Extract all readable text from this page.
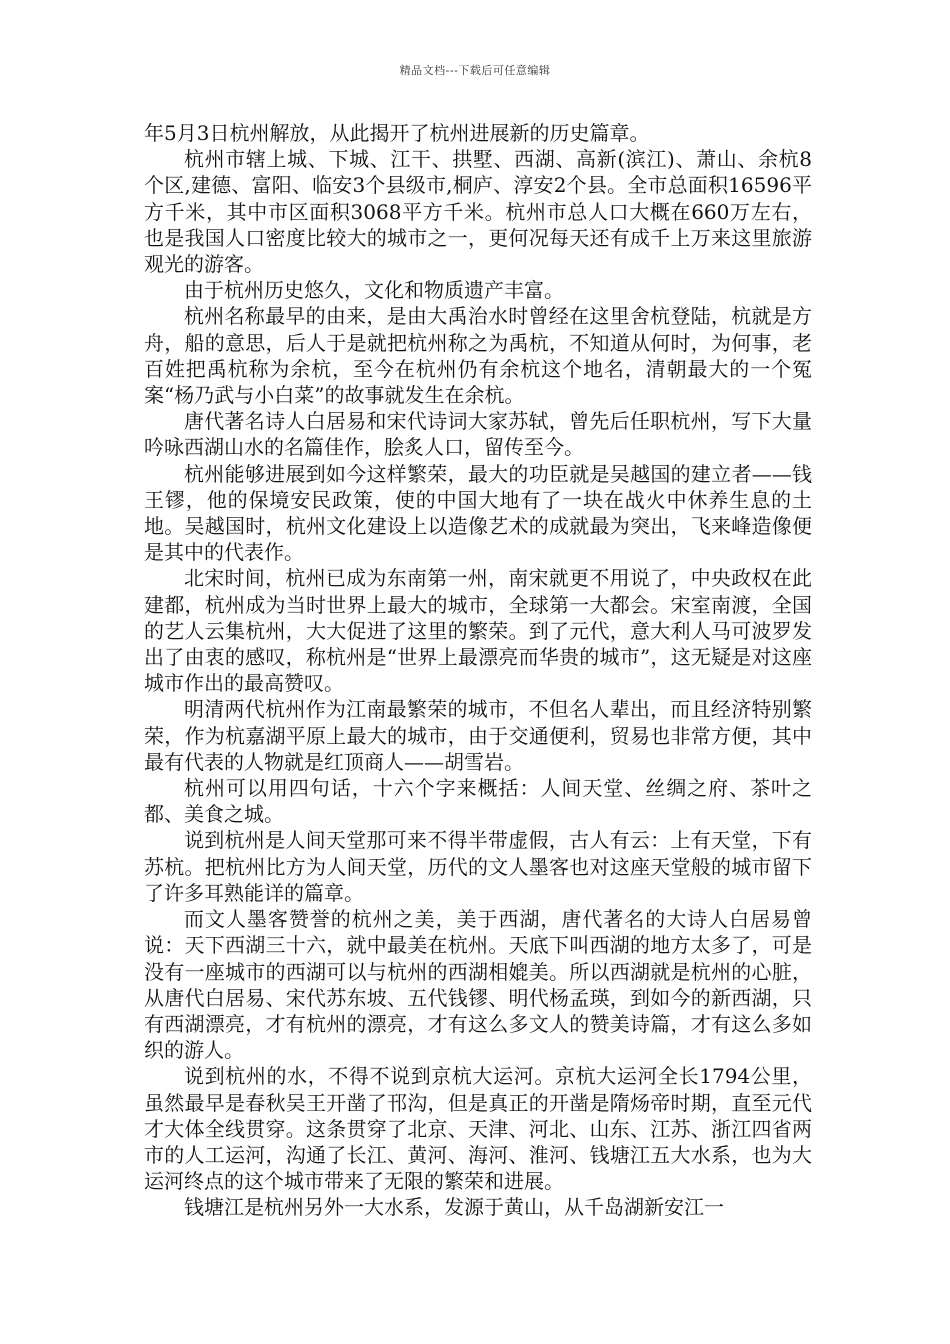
精品文档---下载后可任意编辑

年5月3日杭州解放，从此揭开了杭州进展新的历史篇章。

杭州市辖上城、下城、江干、拱墅、西湖、高新(滨江)、萧山、余杭8个区,建德、富阳、临安3个县级市,桐庐、淳安2个县。全市总面积16596平方千米，其中市区面积3068平方千米。杭州市总人口大概在660万左右，也是我国人口密度比较大的城市之一，更何况每天还有成千上万来这里旅游观光的游客。

由于杭州历史悠久，文化和物质遗产丰富。

杭州名称最早的由来，是由大禹治水时曾经在这里舍杭登陆，杭就是方舟，船的意思，后人于是就把杭州称之为禹杭，不知道从何时，为何事，老百姓把禹杭称为余杭，至今在杭州仍有余杭这个地名，清朝最大的一个冤案“杨乃武与小白菜”的故事就发生在余杭。

唐代著名诗人白居易和宋代诗词大家苏轼，曾先后任职杭州，写下大量吟咏西湖山水的名篇佳作，脍炙人口，留传至今。

杭州能够进展到如今这样繁荣，最大的功臣就是吴越国的建立者——钱王镠，他的保境安民政策，使的中国大地有了一块在战火中休养生息的土地。吴越国时，杭州文化建设上以造像艺术的成就最为突出，飞来峰造像便是其中的代表作。

北宋时间，杭州已成为东南第一州，南宋就更不用说了，中央政权在此建都，杭州成为当时世界上最大的城市，全球第一大都会。宋室南渡，全国的艺人云集杭州，大大促进了这里的繁荣。到了元代，意大利人马可波罗发出了由衷的感叹，称杭州是“世界上最漂亮而华贵的城市”，这无疑是对这座城市作出的最高赞叹。

明清两代杭州作为江南最繁荣的城市，不但名人辈出，而且经济特别繁荣，作为杭嘉湖平原上最大的城市，由于交通便利，贸易也非常方便，其中最有代表的人物就是红顶商人——胡雪岩。

杭州可以用四句话，十六个字来概括：人间天堂、丝绸之府、茶叶之都、美食之城。

说到杭州是人间天堂那可来不得半带虚假，古人有云：上有天堂，下有苏杭。把杭州比方为人间天堂，历代的文人墨客也对这座天堂般的城市留下了许多耳熟能详的篇章。

而文人墨客赞誉的杭州之美，美于西湖，唐代著名的大诗人白居易曾说：天下西湖三十六，就中最美在杭州。天底下叫西湖的地方太多了，可是没有一座城市的西湖可以与杭州的西湖相媲美。所以西湖就是杭州的心脏，从唐代白居易、宋代苏东坡、五代钱镠、明代杨孟瑛，到如今的新西湖，只有西湖漂亮，才有杭州的漂亮，才有这么多文人的赞美诗篇，才有这么多如织的游人。

说到杭州的水，不得不说到京杭大运河。京杭大运河全长1794公里，虽然最早是春秋吴王开凿了邗沟，但是真正的开凿是隋炀帝时期，直至元代才大体全线贯穿。这条贯穿了北京、天津、河北、山东、江苏、浙江四省两市的人工运河，沟通了长江、黄河、海河、淮河、钱塘江五大水系，也为大运河终点的这个城市带来了无限的繁荣和进展。

钱塘江是杭州另外一大水系，发源于黄山，从千岛湖新安江一
